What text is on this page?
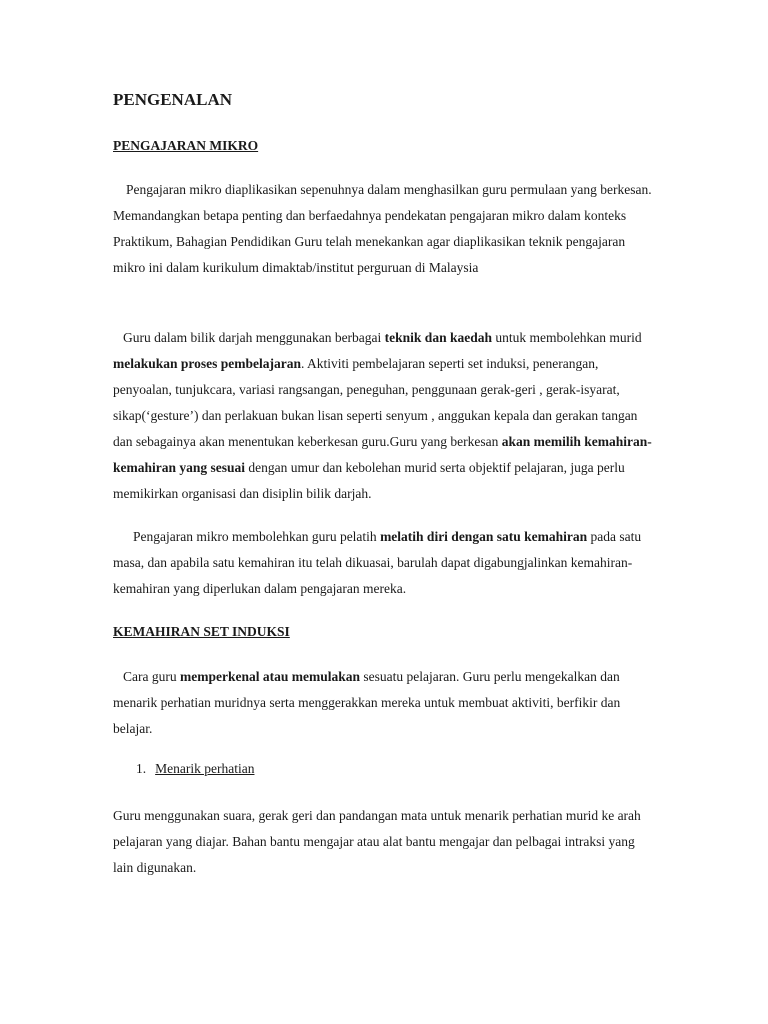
PENGENALAN
PENGAJARAN MIKRO

Pengajaran mikro diaplikasikan sepenuhnya dalam menghasilkan guru permulaan yang berkesan. Memandangkan betapa penting dan berfaedahnya pendekatan pengajaran mikro dalam konteks Praktikum, Bahagian Pendidikan Guru telah menekankan agar diaplikasikan teknik pengajaran mikro ini dalam kurikulum dimaktab/institut perguruan di Malaysia

Guru dalam bilik darjah menggunakan berbagai teknik dan kaedah untuk membolehkan murid melakukan proses pembelajaran. Aktiviti pembelajaran seperti set induksi, penerangan, penyoalan, tunjukcara, variasi rangsangan, peneguhan, penggunaan gerak-geri , gerak-isyarat, sikap(‘gesture’) dan perlakuan bukan lisan seperti senyum , anggukan kepala dan gerakan tangan dan sebagainya akan menentukan keberkesan guru.Guru yang berkesan akan memilih kemahiran-kemahiran yang sesuai dengan umur dan kebolehan murid serta objektif pelajaran, juga perlu memikirkan organisasi dan disiplin bilik darjah.

Pengajaran mikro membolehkan guru pelatih melatih diri dengan satu kemahiran pada satu masa, dan apabila satu kemahiran itu telah dikuasai, barulah dapat digabungjalinkan kemahiran-kemahiran yang diperlukan dalam pengajaran mereka.

KEMAHIRAN SET INDUKSI

Cara guru memperkenal atau memulakan sesuatu pelajaran. Guru perlu mengekalkan dan menarik perhatian muridnya serta menggerakkan mereka untuk membuat aktiviti, berfikir dan belajar.

1. Menarik perhatian

Guru menggunakan suara, gerak geri dan pandangan mata untuk menarik perhatian murid ke arah pelajaran yang diajar. Bahan bantu mengajar atau alat bantu mengajar dan pelbagai intraksi yang lain digunakan.
